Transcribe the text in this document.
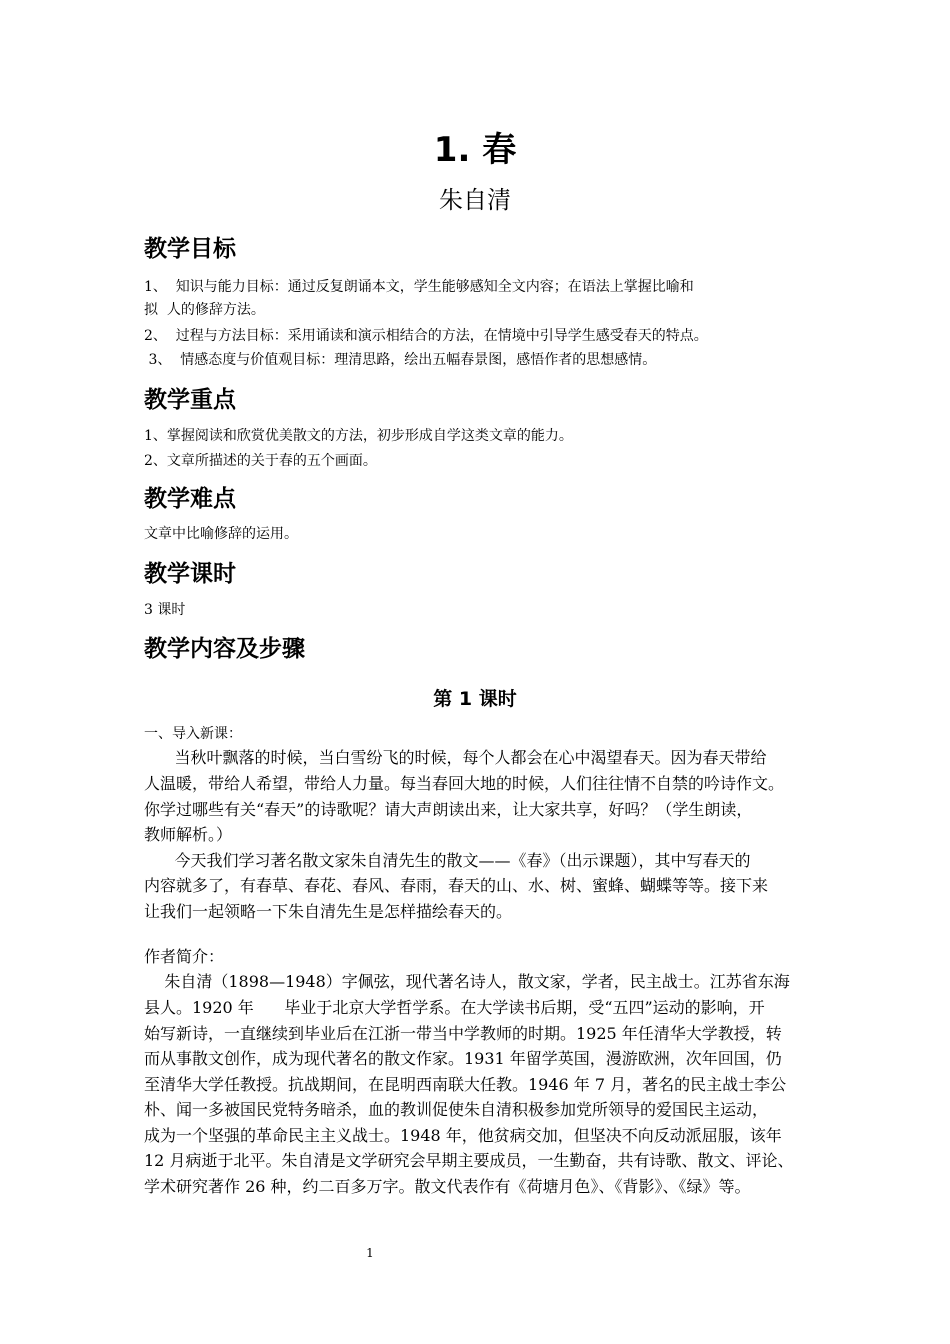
1. 春
朱自清
教学目标
1、  知识与能力目标：通过反复朗诵本文，学生能够感知全文内容；在语法上掌握比喻和
拟  人的修辞方法。
2、  过程与方法目标：采用诵读和演示相结合的方法，在情境中引导学生感受春天的特点。
3、  情感态度与价值观目标：理清思路，绘出五幅春景图，感悟作者的思想感情。
教学重点
1、掌握阅读和欣赏优美散文的方法，初步形成自学这类文章的能力。
2、文章所描述的关于春的五个画面。
教学难点
文章中比喻修辞的运用。
教学课时
3 课时
教学内容及步骤
第 1 课时
一、导入新课：
当秋叶飘落的时候，当白雪纷飞的时候，每个人都会在心中渴望春天。因为春天带给
人温暖，带给人希望，带给人力量。每当春回大地的时候，人们往往情不自禁的吟诗作文。
你学过哪些有关“春天”的诗歌呢？请大声朗读出来，让大家共享，好吗？（学生朗读，
教师解析。）
今天我们学习著名散文家朱自清先生的散文——《春》（出示课题），其中写春天的
内容就多了，有春草、春花、春风、春雨，春天的山、水、树、蜜蜂、蝴蝶等等。接下来
让我们一起领略一下朱自清先生是怎样描绘春天的。
作者简介：
朱自清（1898—1948）字佩弦，现代著名诗人，散文家，学者，民主战士。江苏省东海
县人。1920 年      毕业于北京大学哲学系。在大学读书后期，受“五四”运动的影响，开
始写新诗，一直继续到毕业后在江浙一带当中学教师的时期。1925 年任清华大学教授，转
而从事散文创作，成为现代著名的散文作家。1931 年留学英国，漫游欧洲，次年回国，仍
至清华大学任教授。抗战期间，在昆明西南联大任教。1946 年 7 月，著名的民主战士李公
朴、闻一多被国民党特务暗杀，血的教训促使朱自清积极参加党所领导的爱国民主运动，
成为一个坚强的革命民主主义战士。1948 年，他贫病交加，但坚决不向反动派屈服，该年
12 月病逝于北平。朱自清是文学研究会早期主要成员，一生勤奋，共有诗歌、散文、评论、
学术研究著作 26 种，约二百多万字。散文代表作有《荷塘月色》、《背影》、《绿》等。
1
